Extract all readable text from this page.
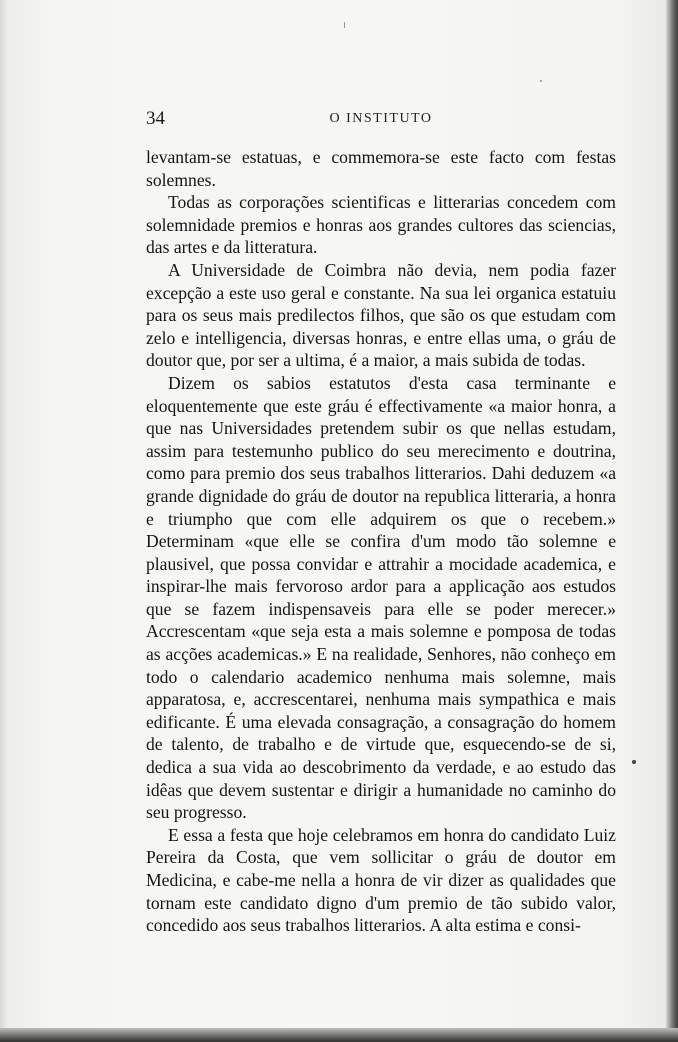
34	O INSTITUTO

levantam-se estatuas, e commemora-se este facto com festas solemnes.

Todas as corporações scientificas e litterarias concedem com solemnidade premios e honras aos grandes cultores das sciencias, das artes e da litteratura.

A Universidade de Coimbra não devia, nem podia fazer excepção a este uso geral e constante. Na sua lei organica estatuiu para os seus mais predilectos filhos, que são os que estudam com zelo e intelligencia, diversas honras, e entre ellas uma, o gráu de doutor que, por ser a ultima, é a maior, a mais subida de todas.

Dizem os sabios estatutos d'esta casa terminante e eloquentemente que este gráu é effectivamente «a maior honra, a que nas Universidades pretendem subir os que nellas estudam, assim para testemunho publico do seu merecimento e doutrina, como para premio dos seus trabalhos litterarios. Dahi deduzem «a grande dignidade do gráu de doutor na republica litteraria, a honra e triumpho que com elle adquirem os que o recebem.» Determinam «que elle se confira d'um modo tão solemne e plausivel, que possa convidar e attrahir a mocidade academica, e inspirar-lhe mais fervoroso ardor para a applicação aos estudos que se fazem indispensaveis para elle se poder merecer.» Accrescentam «que seja esta a mais solemne e pomposa de todas as acções academicas.» E na realidade, Senhores, não conheço em todo o calendario academico nenhuma mais solemne, mais apparatosa, e, accrescentarei, nenhuma mais sympathica e mais edificante. É uma elevada consagração, a consagração do homem de talento, de trabalho e de virtude que, esquecendo-se de si, dedica a sua vida ao descobrimento da verdade, e ao estudo das idêas que devem sustentar e dirigir a humanidade no caminho do seu progresso.

E essa a festa que hoje celebramos em honra do candidato Luiz Pereira da Costa, que vem sollicitar o gráu de doutor em Medicina, e cabe-me nella a honra de vir dizer as qualidades que tornam este candidato digno d'um premio de tão subido valor, concedido aos seus trabalhos litterarios. A alta estima e consi-
